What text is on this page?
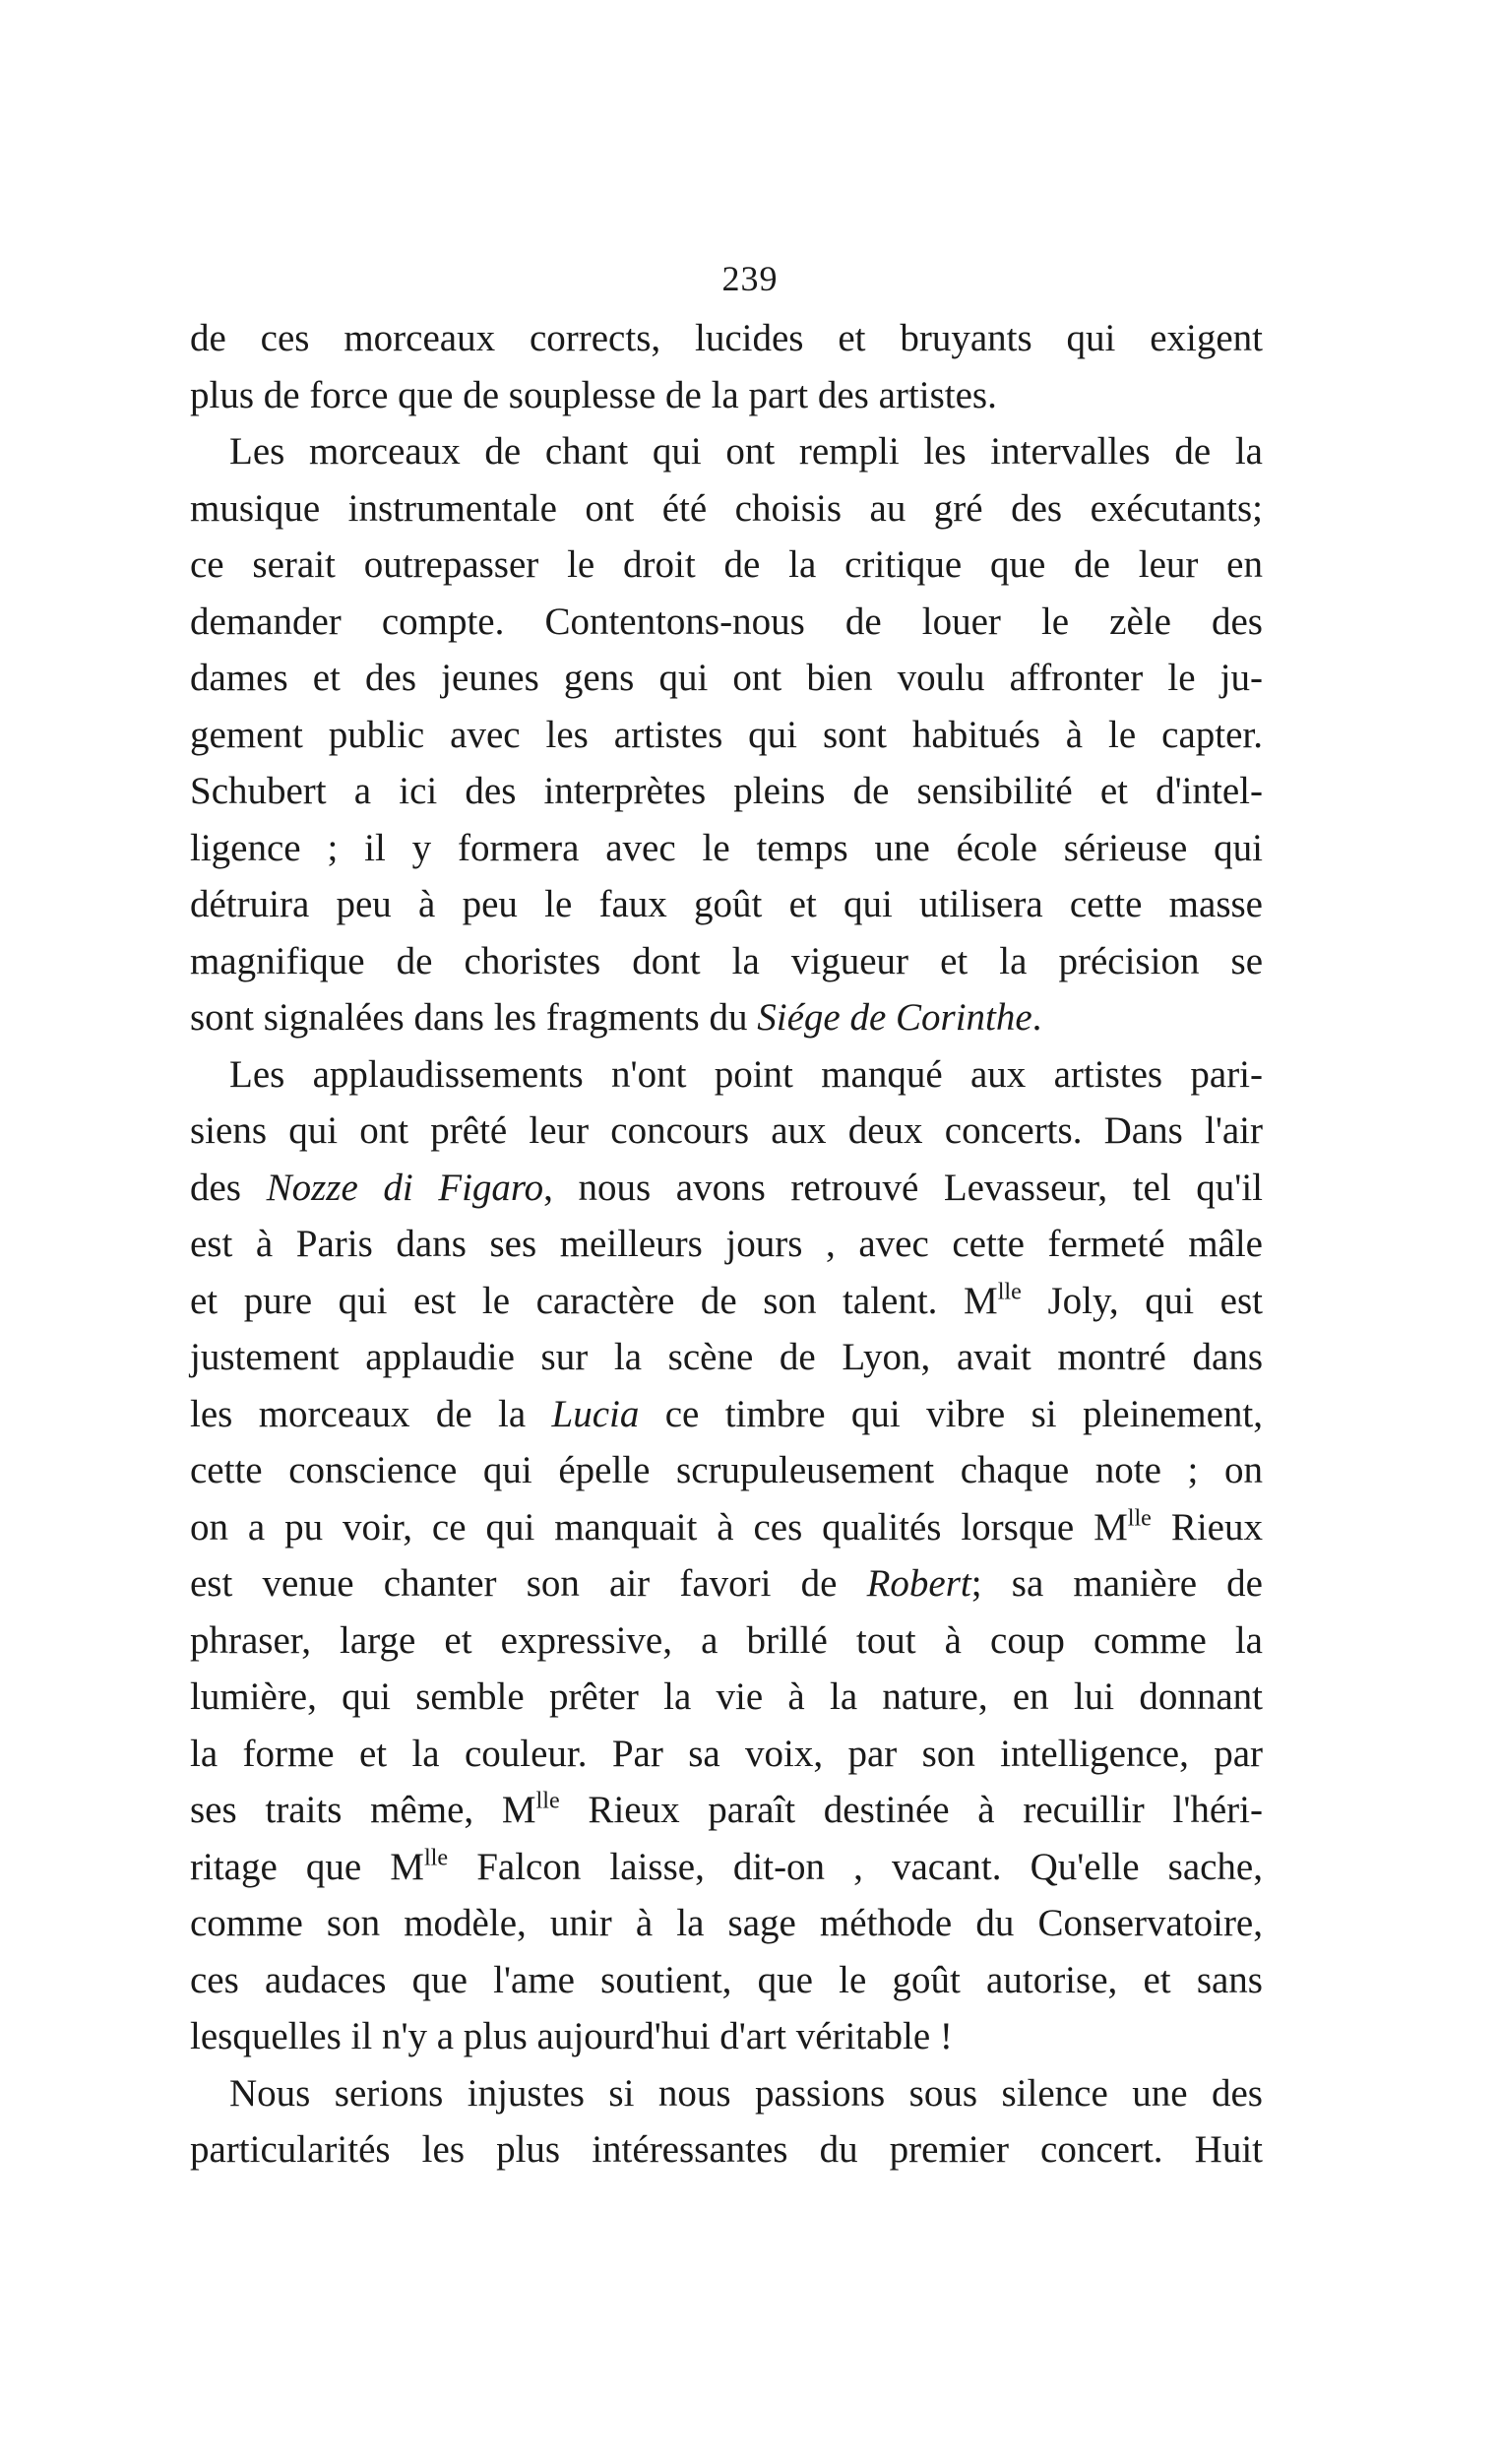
239
de ces morceaux corrects, lucides et bruyants qui exigent
plus de force que de souplesse de la part des artistes.
Les morceaux de chant qui ont rempli les intervalles de la
musique instrumentale ont été choisis au gré des exécutants;
ce serait outrepasser le droit de la critique que de leur en
demander compte. Contentons-nous de louer le zèle des
dames et des jeunes gens qui ont bien voulu affronter le ju-
gement public avec les artistes qui sont habitués à le capter.
Schubert a ici des interprètes pleins de sensibilité et d'intel-
ligence ; il y formera avec le temps une école sérieuse qui
détruira peu à peu le faux goût et qui utilisera cette masse
magnifique de choristes dont la vigueur et la précision se
sont signalées dans les fragments du Siége de Corinthe.
Les applaudissements n'ont point manqué aux artistes pari-
siens qui ont prêté leur concours aux deux concerts. Dans l'air
des Nozze di Figaro, nous avons retrouvé Levasseur, tel qu'il
est à Paris dans ses meilleurs jours , avec cette fermeté mâle
et pure qui est le caractère de son talent. $M^{lle}$ Joly, qui est
justement applaudie sur la scène de Lyon, avait montré dans
les morceaux de la Lucia ce timbre qui vibre si pleinement,
cette conscience qui épelle scrupuleusement chaque note ; on
on a pu voir, ce qui manquait à ces qualités lorsque $M^{lle}$ Rieux
est venue chanter son air favori de Robert; sa manière de
phraser, large et expressive, a brillé tout à coup comme la
lumière, qui semble prêter la vie à la nature, en lui donnant
la forme et la couleur. Par sa voix, par son intelligence, par
ses traits même, $M^{lle}$ Rieux paraît destinée à recuillir l'héri-
ritage que $M^{lle}$ Falcon laisse, dit-on , vacant. Qu'elle sache,
comme son modèle, unir à la sage méthode du Conservatoire,
ces audaces que l'ame soutient, que le goût autorise, et sans
lesquelles il n'y a plus aujourd'hui d'art véritable !
Nous serions injustes si nous passions sous silence une des
particularités les plus intéressantes du premier concert. Huit
